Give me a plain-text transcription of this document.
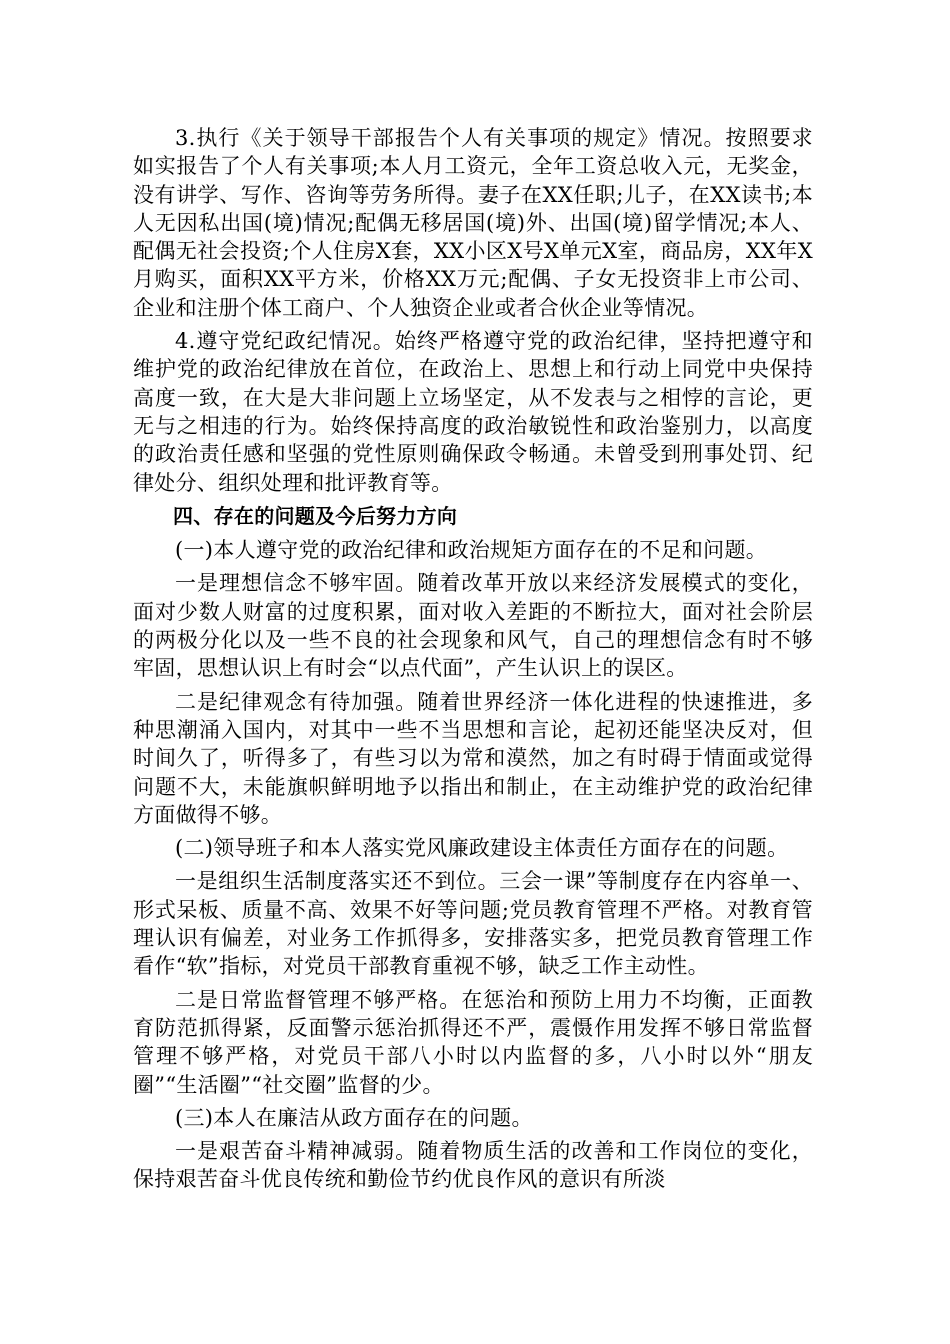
3.执行《关于领导干部报告个人有关事项的规定》情况。按照要求如实报告了个人有关事项;本人月工资元，全年工资总收入元，无奖金，没有讲学、写作、咨询等劳务所得。妻子在XX任职;儿子，在XX读书;本人无因私出国(境)情况;配偶无移居国(境)外、出国(境)留学情况;本人、配偶无社会投资;个人住房X套，XX小区X号X单元X室，商品房，XX年X月购买，面积XX平方米，价格XX万元;配偶、子女无投资非上市公司、企业和注册个体工商户、个人独资企业或者合伙企业等情况。

4.遵守党纪政纪情况。始终严格遵守党的政治纪律，坚持把遵守和维护党的政治纪律放在首位，在政治上、思想上和行动上同党中央保持高度一致，在大是大非问题上立场坚定，从不发表与之相悖的言论，更无与之相违的行为。始终保持高度的政治敏锐性和政治鉴别力，以高度的政治责任感和坚强的党性原则确保政令畅通。未曾受到刑事处罚、纪律处分、组织处理和批评教育等。

四、存在的问题及今后努力方向

(一)本人遵守党的政治纪律和政治规矩方面存在的不足和问题。

一是理想信念不够牢固。随着改革开放以来经济发展模式的变化，面对少数人财富的过度积累，面对收入差距的不断拉大，面对社会阶层的两极分化以及一些不良的社会现象和风气，自己的理想信念有时不够牢固，思想认识上有时会“以点代面”，产生认识上的误区。

二是纪律观念有待加强。随着世界经济一体化进程的快速推进，多种思潮涌入国内，对其中一些不当思想和言论，起初还能坚决反对，但时间久了，听得多了，有些习以为常和漠然，加之有时碍于情面或觉得问题不大，未能旗帜鲜明地予以指出和制止，在主动维护党的政治纪律方面做得不够。

(二)领导班子和本人落实党风廉政建设主体责任方面存在的问题。

一是组织生活制度落实还不到位。三会一课”等制度存在内容单一、形式呆板、质量不高、效果不好等问题;党员教育管理不严格。对教育管理认识有偏差，对业务工作抓得多，安排落实多，把党员教育管理工作看作“软”指标，对党员干部教育重视不够，缺乏工作主动性。

二是日常监督管理不够严格。在惩治和预防上用力不均衡，正面教育防范抓得紧，反面警示惩治抓得还不严，震慑作用发挥不够日常监督管理不够严格，对党员干部八小时以内监督的多，八小时以外“朋友圈”“生活圈”“社交圈”监督的少。

(三)本人在廉洁从政方面存在的问题。

一是艰苦奋斗精神减弱。随着物质生活的改善和工作岗位的变化，保持艰苦奋斗优良传统和勤俭节约优良作风的意识有所淡
